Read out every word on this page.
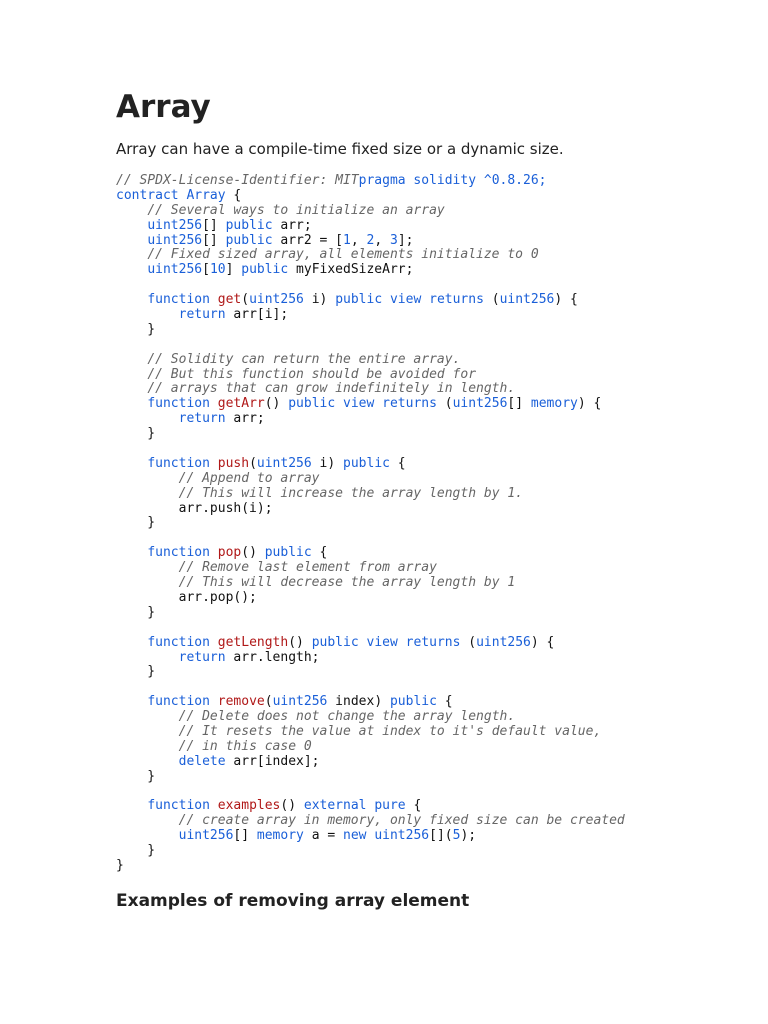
Array

Array can have a compile-time fixed size or a dynamic size.

// SPDX-License-Identifier: MITpragma solidity ^0.8.26;
contract Array {
// Several ways to initialize an array
uint256[] public arr;
uint256[] public arr2 = [1, 2, 3];
// Fixed sized array, all elements initialize to 0
uint256[10] public myFixedSizeArr;
function get(uint256 i) public view returns (uint256) {
return arr[i];
}
// Solidity can return the entire array.
// But this function should be avoided for
// arrays that can grow indefinitely in length.
function getArr() public view returns (uint256[] memory) {
return arr;
}
function push(uint256 i) public {
// Append to array
// This will increase the array length by 1.
arr.push(i);
}
function pop() public {
// Remove last element from array
// This will decrease the array length by 1
arr.pop();
}
function getLength() public view returns (uint256) {
return arr.length;
}
function remove(uint256 index) public {
// Delete does not change the array length.
// It resets the value at index to it's default value,
// in this case 0
delete arr[index];
}
function examples() external pure {
// create array in memory, only fixed size can be created
uint256[] memory a = new uint256[](5);
}
}
Examples of removing array element
